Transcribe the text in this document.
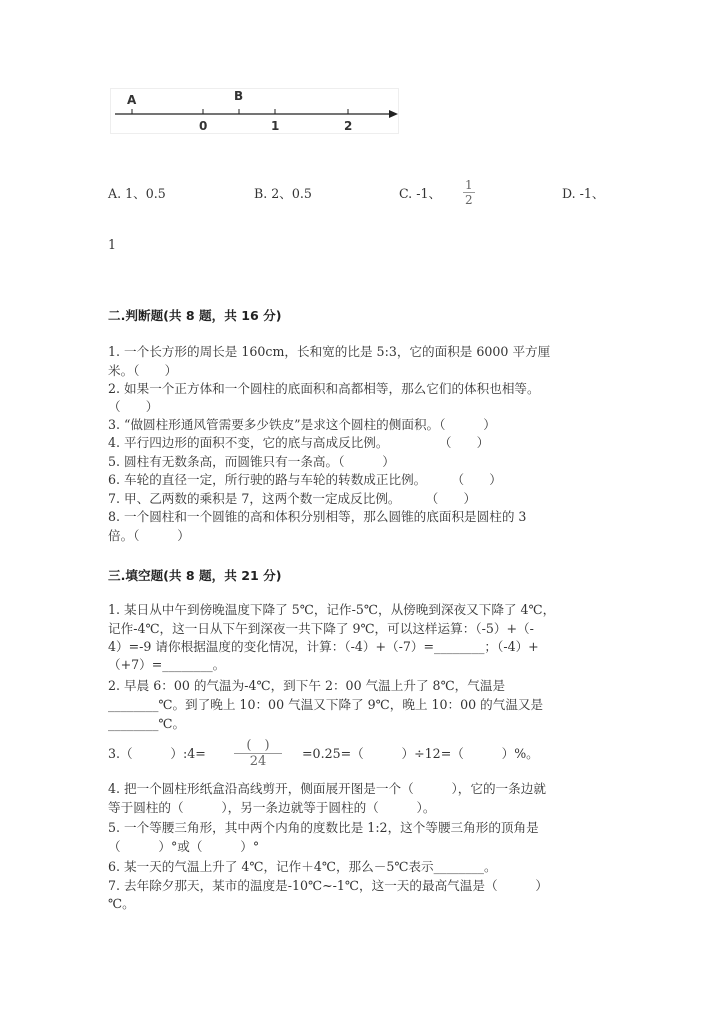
A	B
0	1	2
A. 1、0.5	B. 2、0.5	C. -1、 $\frac{1}{2}$	D. -1、
1
二.判断题(共 8 题，共 16 分)
1. 一个长方形的周长是 160cm，长和宽的比是 5:3，它的面积是 6000 平方厘
米。（　　）
2. 如果一个正方体和一个圆柱的底面积和高都相等，那么它们的体积也相等。
（　　）
3. “做圆柱形通风管需要多少铁皮”是求这个圆柱的侧面积。（　　　）
4. 平行四边形的面积不变，它的底与高成反比例。　　　　　（　　）
5. 圆柱有无数条高，而圆锥只有一条高。（　　　）
6. 车轮的直径一定，所行驶的路与车轮的转数成正比例。　　　（　　）
7. 甲、乙两数的乘积是 7，这两个数一定成反比例。　　　（　　）
8. 一个圆柱和一个圆锥的高和体积分别相等，那么圆锥的底面积是圆柱的 3
倍。（　　　）
三.填空题(共 8 题，共 21 分)
1. 某日从中午到傍晚温度下降了 5℃，记作-5℃，从傍晚到深夜又下降了 4℃，
记作-4℃，这一日从下午到深夜一共下降了 9℃，可以这样运算：（-5）+（-
4）=-9 请你根据温度的变化情况，计算：（-4）+（-7）=________；（-4）+
（+7）=________。
2. 早晨 6：00 的气温为-4℃，到下午 2：00 气温上升了 8℃，气温是
________℃。到了晚上 10：00 气温又下降了 9℃，晚上 10：00 的气温又是
________℃。
3.（　　　）:4=
(　)
24
=0.25=（　　　）÷12=（　　　）%。
4. 把一个圆柱形纸盒沿高线剪开，侧面展开图是一个（　　　），它的一条边就
等于圆柱的（　　　），另一条边就等于圆柱的（　　　）。
5. 一个等腰三角形，其中两个内角的度数比是 1:2，这个等腰三角形的顶角是
（　　　）°或（　　　）°
6. 某一天的气温上升了 4℃，记作＋4℃，那么－5℃表示________。
7. 去年除夕那天，某市的温度是-10℃~-1℃，这一天的最高气温是（　　　）
℃。
